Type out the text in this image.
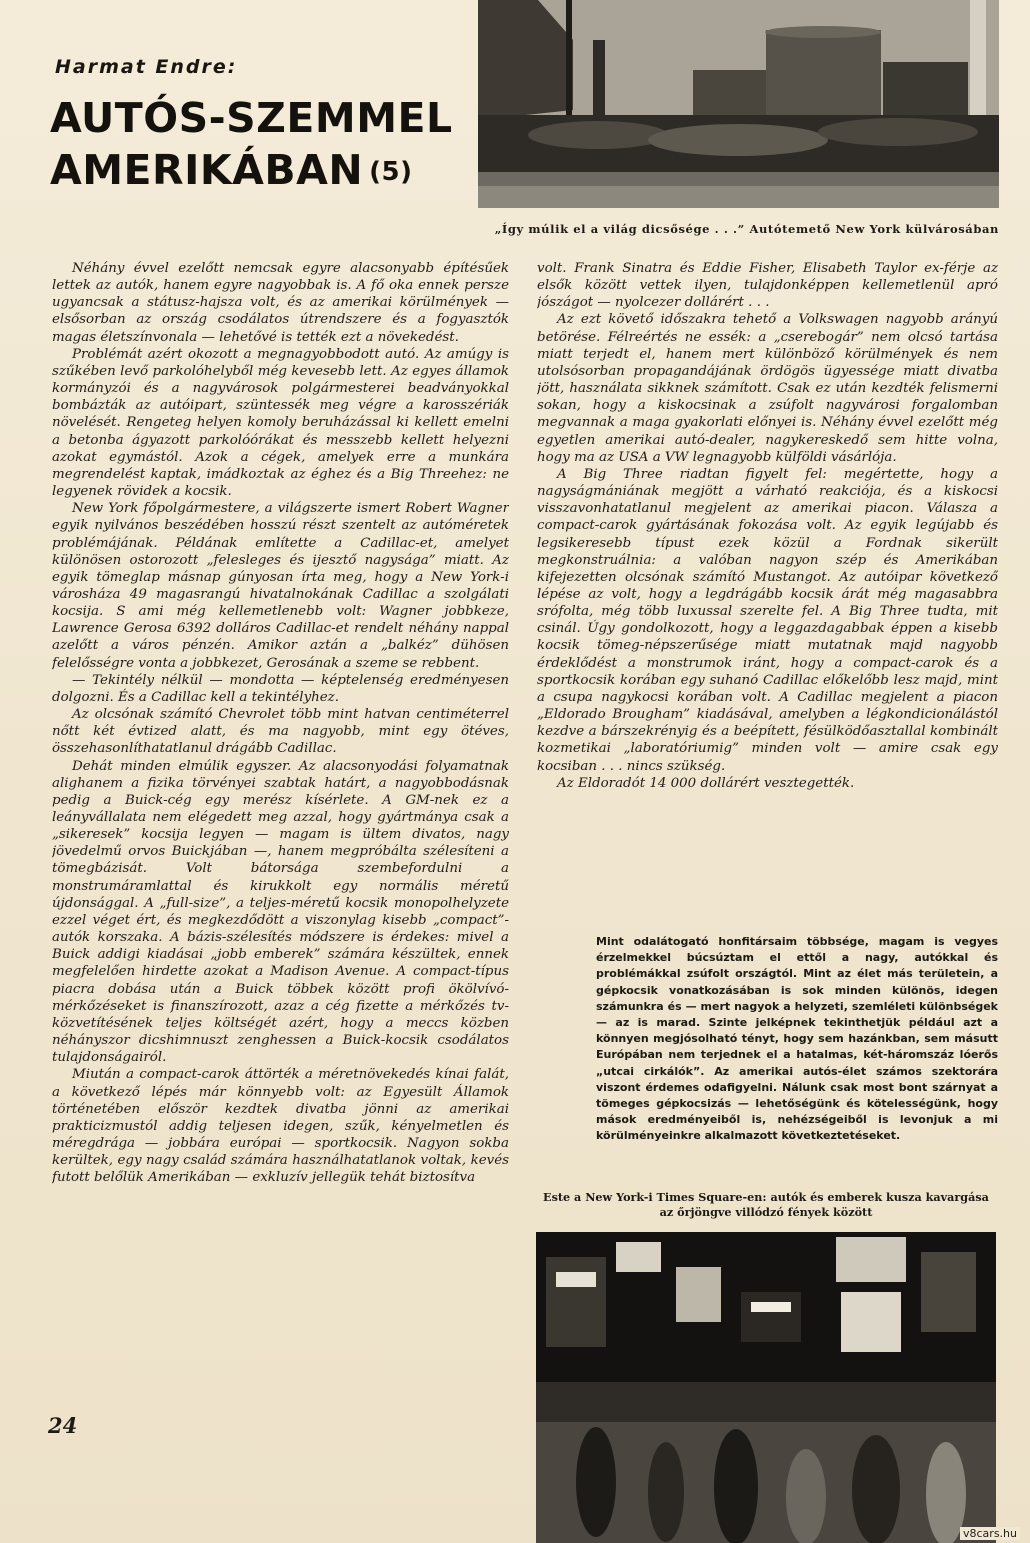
Harmat Endre:
AUTÓS-SZEMMEL
AMERIKÁBAN (5)
„Így múlik el a világ dicsősége . . .” Autótemető New York külvárosában

Néhány évvel ezelőtt nemcsak egyre alacsonyabb építésűek lettek az autók, hanem egyre nagyobbak is. A fő oka ennek persze ugyancsak a státusz-hajsza volt, és az amerikai körülmények — elsősorban az ország csodálatos útrendszere és a fogyasztók magas életszínvonala — lehetővé is tették ezt a növekedést.

Problémát azért okozott a megnagyobbodott autó. Az amúgy is szűkében levő parkolóhelyből még kevesebb lett. Az egyes államok kormányzói és a nagyvárosok polgármesterei beadványokkal bombázták az autóipart, szüntessék meg végre a karosszériák növelését. Rengeteg helyen komoly beruházással ki kellett emelni a betonba ágyazott parkolóórákat és messzebb kellett helyezni azokat egymástól. Azok a cégek, amelyek erre a munkára megrendelést kaptak, imádkoztak az éghez és a Big Threehez: ne legyenek rövidek a kocsik.

New York főpolgármestere, a világszerte ismert Robert Wagner egyik nyilvános beszédében hosszú részt szentelt az autóméretek problémájának. Példának említette a Cadillac-et, amelyet különösen ostorozott „felesleges és ijesztő nagysága” miatt. Az egyik tömeglap másnap gúnyosan írta meg, hogy a New York-i városháza 49 magasrangú hivatalnokának Cadillac a szolgálati kocsija. S ami még kellemetlenebb volt: Wagner jobbkeze, Lawrence Gerosa 6392 dolláros Cadillac-et rendelt néhány nappal azelőtt a város pénzén. Amikor aztán a „balkéz” dühösen felelősségre vonta a jobbkezet, Gerosának a szeme se rebbent.

— Tekintély nélkül — mondotta — képtelenség eredményesen dolgozni. És a Cadillac kell a tekintélyhez.

Az olcsónak számító Chevrolet több mint hatvan centiméterrel nőtt két évtized alatt, és ma nagyobb, mint egy ötéves, összehasonlíthatatlanul drágább Cadillac.

Dehát minden elmúlik egyszer. Az alacsonyodási folyamatnak alighanem a fizika törvényei szabtak határt, a nagyobbodásnak pedig a Buick-cég egy merész kísérlete. A GM-nek ez a leányvállalata nem elégedett meg azzal, hogy gyártmánya csak a „sikeresek” kocsija legyen — magam is ültem divatos, nagy jövedelmű orvos Buickjában —, hanem megpróbálta szélesíteni a tömegbázisát. Volt bátorsága szembefordulni a monstrumáramlattal és kirukkolt egy normális méretű újdonsággal. A „full-size”, a teljes-méretű kocsik monopolhelyzete ezzel véget ért, és megkezdődött a viszonylag kisebb „compact”-autók korszaka. A bázis-szélesítés módszere is érdekes: mivel a Buick addigi kiadásai „jobb emberek” számára készültek, ennek megfelelően hirdette azokat a Madison Avenue. A compact-típus piacra dobása után a Buick többek között profi ökölvívó-mérkőzéseket is finanszírozott, azaz a cég fizette a mérkőzés tv-közvetítésének teljes költségét azért, hogy a meccs közben néhányszor dicshimnuszt zenghessen a Buick-kocsik csodálatos tulajdonságairól.

Miután a compact-carok áttörték a méretnövekedés kínai falát, a következő lépés már könnyebb volt: az Egyesült Államok történetében először kezdtek divatba jönni az amerikai prakticizmustól addig teljesen idegen, szűk, kényelmetlen és méregdrága — jobbára európai — sportkocsik. Nagyon sokba kerültek, egy nagy család számára használhatatlanok voltak, kevés futott belőlük Amerikában — exkluzív jellegük tehát biztosítva

volt. Frank Sinatra és Eddie Fisher, Elisabeth Taylor ex-férje az elsők között vettek ilyen, tulajdonképpen kellemetlenül apró jószágot — nyolcezer dollárért . . .

Az ezt követő időszakra tehető a Volkswagen nagyobb arányú betörése. Félreértés ne essék: a „cserebogár” nem olcsó tartása miatt terjedt el, hanem mert különböző körülmények és nem utolsósorban propagandájának ördögös ügyessége miatt divatba jött, használata sikknek számított. Csak ez után kezdték felismerni sokan, hogy a kiskocsinak a zsúfolt nagyvárosi forgalomban megvannak a maga gyakorlati előnyei is. Néhány évvel ezelőtt még egyetlen amerikai autó-dealer, nagykereskedő sem hitte volna, hogy ma az USA a VW legnagyobb külföldi vásárlója.

A Big Three riadtan figyelt fel: megértette, hogy a nagyságmániának megjött a várható reakciója, és a kiskocsi visszavonhatatlanul megjelent az amerikai piacon. Válasza a compact-carok gyártásának fokozása volt. Az egyik legújabb és legsikeresebb típust ezek közül a Fordnak sikerült megkonstruálnia: a valóban nagyon szép és Amerikában kifejezetten olcsónak számító Mustangot. Az autóipar következő lépése az volt, hogy a legdrágább kocsik árát még magasabbra srófolta, még több luxussal szerelte fel. A Big Three tudta, mit csinál. Úgy gondolkozott, hogy a leggazdagabbak éppen a kisebb kocsik tömeg-népszerűsége miatt mutatnak majd nagyobb érdeklődést a monstrumok iránt, hogy a compact-carok és a sportkocsik korában egy suhanó Cadillac előkelőbb lesz majd, mint a csupa nagykocsi korában volt. A Cadillac megjelent a piacon „Eldorado Brougham” kiadásával, amelyben a légkondicionálástól kezdve a bárszekrényig és a beépített, fésülködőasztallal kombinált kozmetikai „laboratóriumig” minden volt — amire csak egy kocsiban . . . nincs szükség.

Az Eldoradót 14 000 dollárért vesztegették.

Mint odalátogató honfitársaim többsége, magam is vegyes érzelmekkel búcsúztam el ettől a nagy, autókkal és problémákkal zsúfolt országtól. Mint az élet más területein, a gépkocsik vonatkozásában is sok minden különös, idegen számunkra és — mert nagyok a helyzeti, szemléleti különbségek — az is marad. Szinte jelképnek tekinthetjük például azt a könnyen megjósolható tényt, hogy sem hazánkban, sem másutt Európában nem terjednek el a hatalmas, két-háromszáz lóerős „utcai cirkálók”. Az amerikai autós-élet számos szektorára viszont érdemes odafigyelni. Nálunk csak most bont szárnyat a tömeges gépkocsizás — lehetőségünk és kötelességünk, hogy mások eredményeiből is, nehézségeiből is levonjuk a mi körülményeinkre alkalmazott következtetéseket.

Este a New York-i Times Square-en: autók és emberek kusza kavargása az őrjöngve villódzó fények között
24
v8cars.hu
